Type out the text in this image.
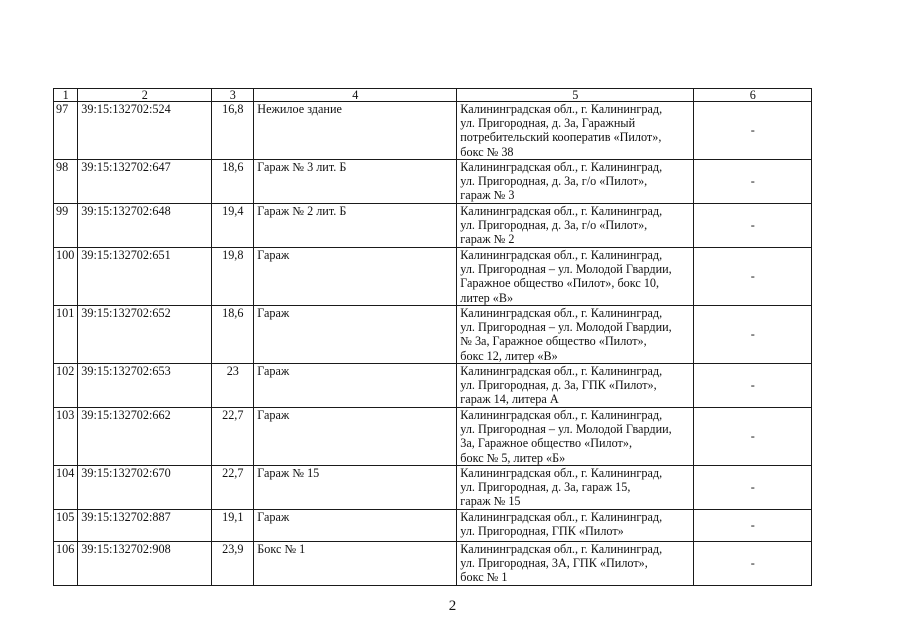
1	2	3	4	5	6
97	39:15:132702:524	16,8	Нежилое здание	Калининградская обл., г. Калининград,
ул. Пригородная, д. 3а, Гаражный
потребительский кооператив «Пилот»,
бокс № 38	-
98	39:15:132702:647	18,6	Гараж № 3 лит. Б	Калининградская обл., г. Калининград,
ул. Пригородная, д. 3а, г/о «Пилот»,
гараж № 3	-
99	39:15:132702:648	19,4	Гараж № 2 лит. Б	Калининградская обл., г. Калининград,
ул. Пригородная, д. 3а, г/о «Пилот»,
гараж № 2	-
100	39:15:132702:651	19,8	Гараж	Калининградская обл., г. Калининград,
ул. Пригородная – ул. Молодой Гвардии,
Гаражное общество «Пилот», бокс 10,
литер «В»	-
101	39:15:132702:652	18,6	Гараж	Калининградская обл., г. Калининград,
ул. Пригородная – ул. Молодой Гвардии,
№ 3а, Гаражное общество «Пилот»,
бокс 12, литер «В»	-
102	39:15:132702:653	23	Гараж	Калининградская обл., г. Калининград,
ул. Пригородная, д. 3а, ГПК «Пилот»,
гараж 14, литера А	-
103	39:15:132702:662	22,7	Гараж	Калининградская обл., г. Калининград,
ул. Пригородная – ул. Молодой Гвардии,
3а, Гаражное общество «Пилот»,
бокс № 5, литер «Б»	-
104	39:15:132702:670	22,7	Гараж № 15	Калининградская обл., г. Калининград,
ул. Пригородная, д. 3а, гараж 15,
гараж № 15	-
105	39:15:132702:887	19,1	Гараж	Калининградская обл., г. Калининград,
ул. Пригородная, ГПК «Пилот»	-
106	39:15:132702:908	23,9	Бокс № 1	Калининградская обл., г. Калининград,
ул. Пригородная, 3А, ГПК «Пилот»,
бокс № 1	-
2
